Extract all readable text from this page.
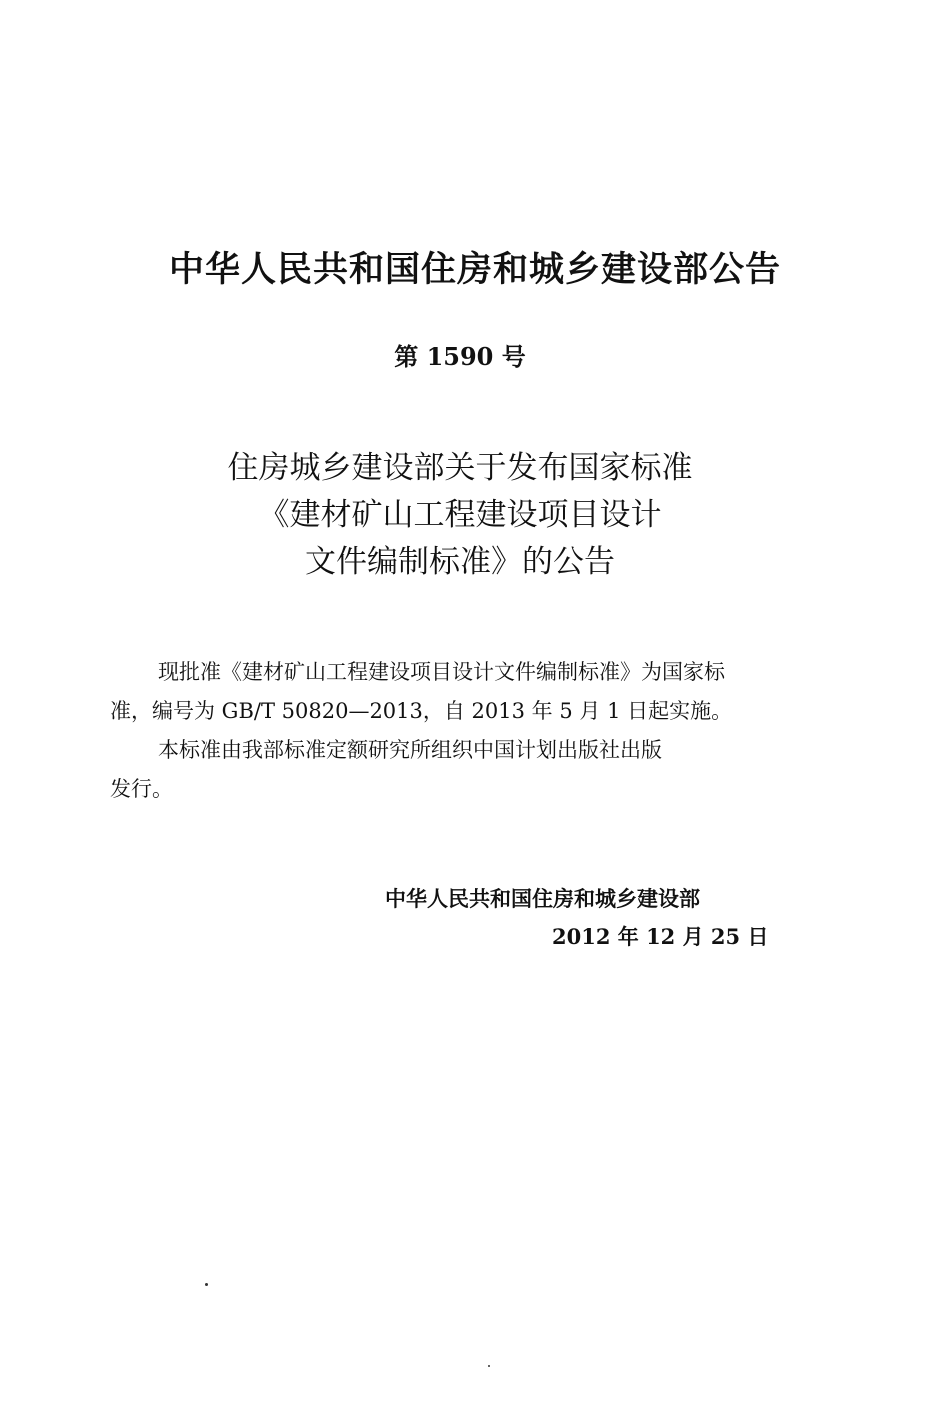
中华人民共和国住房和城乡建设部公告
第 1590 号
住房城乡建设部关于发布国家标准
《建材矿山工程建设项目设计
文件编制标准》的公告
现批准《建材矿山工程建设项目设计文件编制标准》为国家标
准，编号为 GB/T 50820—2013，自 2013 年 5 月 1 日起实施。
本标准由我部标准定额研究所组织中国计划出版社出版
发行。
中华人民共和国住房和城乡建设部
2012 年 12 月 25 日
